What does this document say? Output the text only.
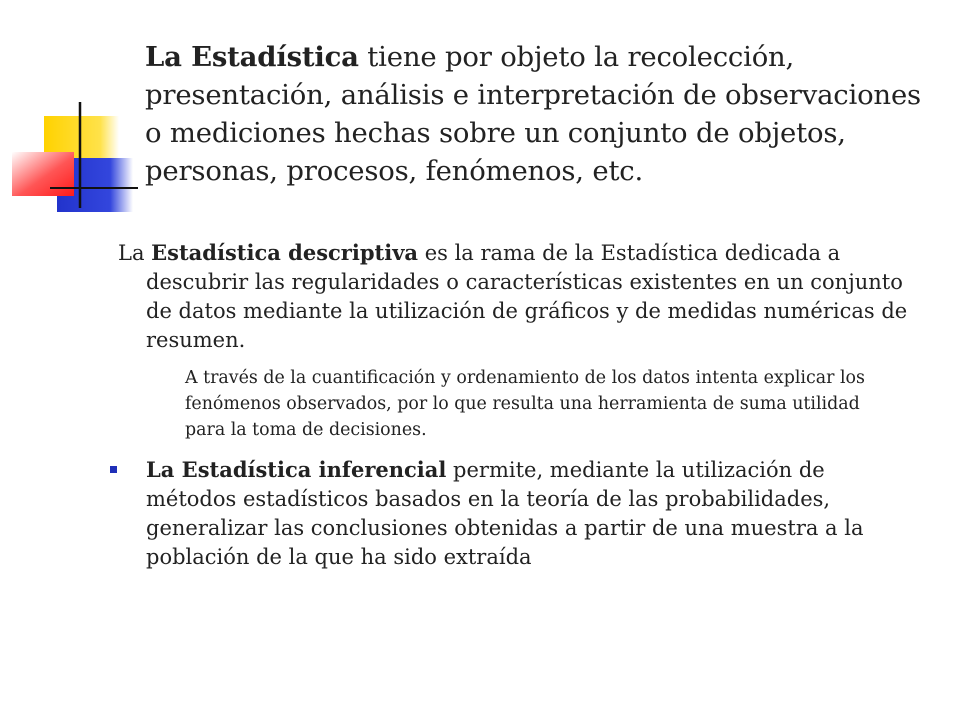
La Estadística tiene por objeto la recolección, presentación, análisis e interpretación de observaciones o mediciones hechas sobre un conjunto de objetos, personas, procesos, fenómenos, etc.

La Estadística descriptiva es la rama de la Estadística dedicada a descubrir las regularidades o características existentes en un conjunto de datos mediante la utilización de gráficos y de medidas numéricas de resumen.

A través de la cuantificación y ordenamiento de los datos intenta explicar los fenómenos observados, por lo que resulta una herramienta de suma utilidad para la toma de decisiones.
La Estadística inferencial permite, mediante la utilización de métodos estadísticos basados en la teoría de las probabilidades, generalizar las conclusiones obtenidas a partir de una muestra a la población de la que ha sido extraída
